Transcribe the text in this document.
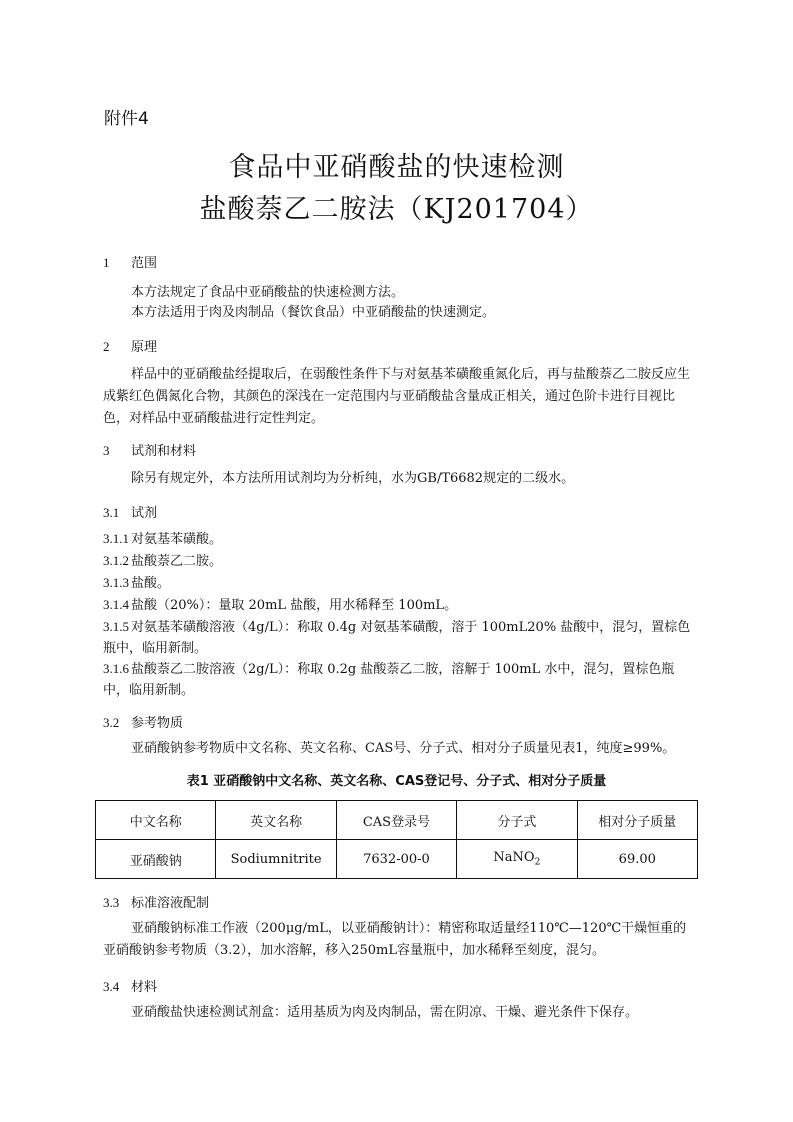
附件4
食品中亚硝酸盐的快速检测
盐酸萘乙二胺法（KJ201704）
1 范围
本方法规定了食品中亚硝酸盐的快速检测方法。
本方法适用于肉及肉制品（餐饮食品）中亚硝酸盐的快速测定。
2 原理
样品中的亚硝酸盐经提取后，在弱酸性条件下与对氨基苯磺酸重氮化后，再与盐酸萘乙二胺反应生成紫红色偶氮化合物，其颜色的深浅在一定范围内与亚硝酸盐含量成正相关，通过色阶卡进行目视比色，对样品中亚硝酸盐进行定性判定。
3 试剂和材料
除另有规定外，本方法所用试剂均为分析纯，水为GB/T6682规定的二级水。
3.1 试剂
3.1.1 对氨基苯磺酸。
3.1.2 盐酸萘乙二胺。
3.1.3 盐酸。
3.1.4 盐酸（20%）：量取 20mL 盐酸，用水稀释至 100mL。
3.1.5 对氨基苯磺酸溶液（4g/L）：称取 0.4g 对氨基苯磺酸，溶于 100mL20% 盐酸中，混匀，置棕色瓶中，临用新制。
3.1.6 盐酸萘乙二胺溶液（2g/L）：称取 0.2g 盐酸萘乙二胺，溶解于 100mL 水中，混匀，置棕色瓶中，临用新制。
3.2 参考物质
亚硝酸钠参考物质中文名称、英文名称、CAS号、分子式、相对分子质量见表1，纯度≥99%。
表1 亚硝酸钠中文名称、英文名称、CAS登记号、分子式、相对分子质量
中文名称	英文名称	CAS登录号	分子式	相对分子质量
亚硝酸钠	Sodiumnitrite	7632-00-0	NaNO$_2$	69.00
3.3 标准溶液配制
亚硝酸钠标准工作液（200μg/mL，以亚硝酸钠计）：精密称取适量经110℃—120℃干燥恒重的亚硝酸钠参考物质（3.2），加水溶解，移入250mL容量瓶中，加水稀释至刻度，混匀。
3.4 材料
亚硝酸盐快速检测试剂盒：适用基质为肉及肉制品，需在阴凉、干燥、避光条件下保存。
